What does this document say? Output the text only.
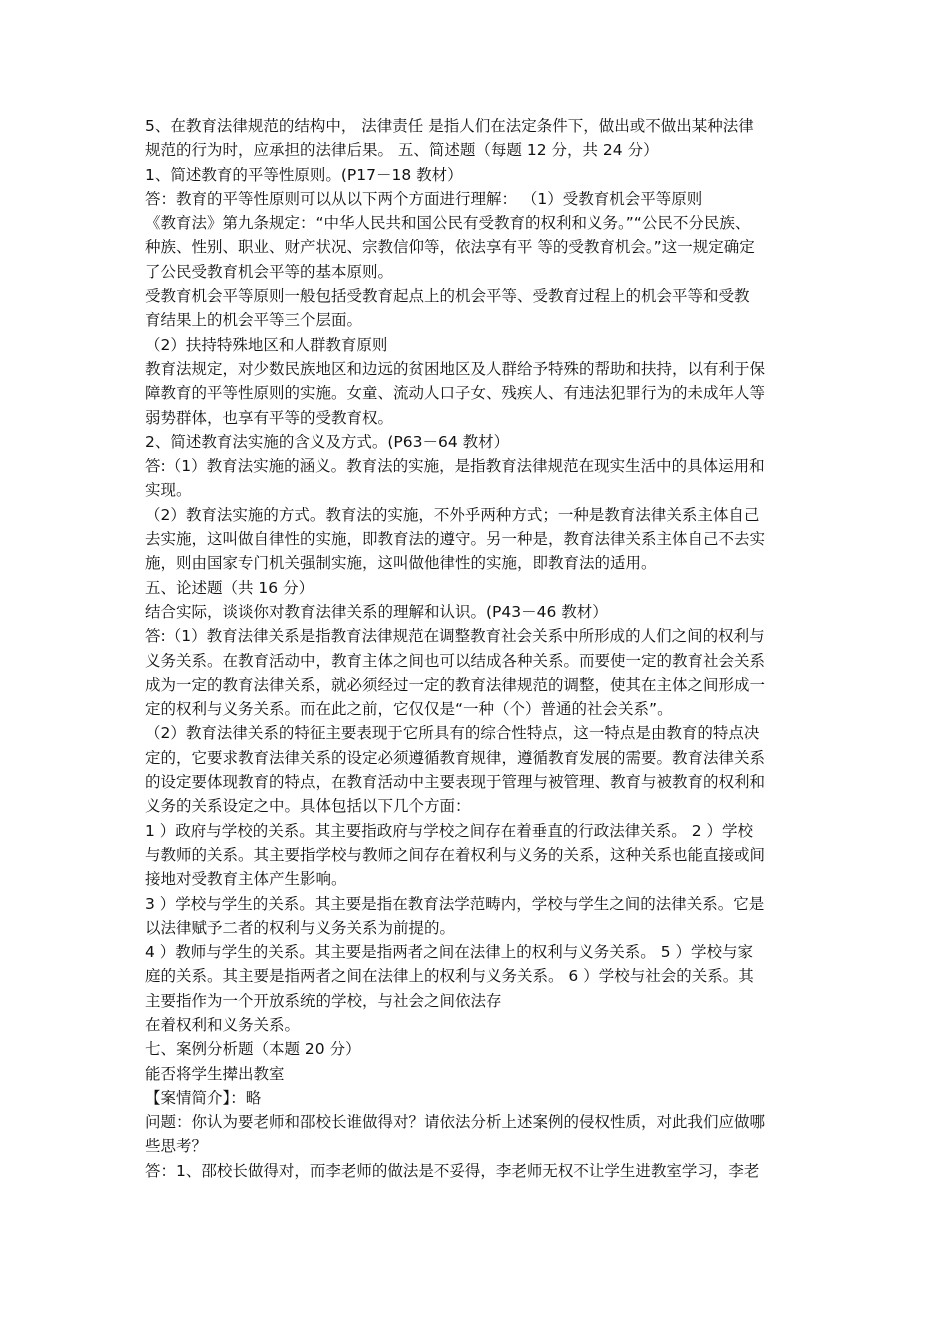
5、在教育法律规范的结构中， 法律责任 是指人们在法定条件下，做出或不做出某种法律
规范的行为时，应承担的法律后果。 五、简述题（每题 12 分，共 24 分）
1、简述教育的平等性原则。(P17－18 教材）
答：教育的平等性原则可以从以下两个方面进行理解： （1）受教育机会平等原则
《教育法》第九条规定：“中华人民共和国公民有受教育的权利和义务。”“公民不分民族、
种族、性别、职业、财产状况、宗教信仰等，依法享有平 等的受教育机会。”这一规定确定
了公民受教育机会平等的基本原则。
受教育机会平等原则一般包括受教育起点上的机会平等、受教育过程上的机会平等和受教
育结果上的机会平等三个层面。
（2）扶持特殊地区和人群教育原则
教育法规定，对少数民族地区和边远的贫困地区及人群给予特殊的帮助和扶持，以有利于保
障教育的平等性原则的实施。女童、流动人口子女、残疾人、有违法犯罪行为的未成年人等
弱势群体，也享有平等的受教育权。
2、简述教育法实施的含义及方式。(P63－64 教材）
答:（1）教育法实施的涵义。教育法的实施，是指教育法律规范在现实生活中的具体运用和
实现。
（2）教育法实施的方式。教育法的实施，不外乎两种方式；一种是教育法律关系主体自己
去实施，这叫做自律性的实施，即教育法的遵守。另一种是，教育法律关系主体自己不去实
施，则由国家专门机关强制实施，这叫做他律性的实施，即教育法的适用。
五、论述题（共 16 分）
结合实际，谈谈你对教育法律关系的理解和认识。(P43－46 教材）
答:（1）教育法律关系是指教育法律规范在调整教育社会关系中所形成的人们之间的权利与
义务关系。在教育活动中，教育主体之间也可以结成各种关系。而要使一定的教育社会关系
成为一定的教育法律关系，就必须经过一定的教育法律规范的调整，使其在主体之间形成一
定的权利与义务关系。而在此之前，它仅仅是“一种（个）普通的社会关系”。
（2）教育法律关系的特征主要表现于它所具有的综合性特点，这一特点是由教育的特点决
定的，它要求教育法律关系的设定必须遵循教育规律，遵循教育发展的需要。教育法律关系
的设定要体现教育的特点，在教育活动中主要表现于管理与被管理、教育与被教育的权利和
义务的关系设定之中。具体包括以下几个方面：
1 ）政府与学校的关系。其主要指政府与学校之间存在着垂直的行政法律关系。 2 ）学校
与教师的关系。其主要指学校与教师之间存在着权利与义务的关系，这种关系也能直接或间
接地对受教育主体产生影响。
3 ）学校与学生的关系。其主要是指在教育法学范畴内，学校与学生之间的法律关系。它是
以法律赋予二者的权利与义务关系为前提的。
4 ）教师与学生的关系。其主要是指两者之间在法律上的权利与义务关系。 5 ）学校与家
庭的关系。其主要是指两者之间在法律上的权利与义务关系。 6 ）学校与社会的关系。其
主要指作为一个开放系统的学校，与社会之间依法存
在着权利和义务关系。
七、案例分析题（本题 20 分）
能否将学生撵出教室
【案情简介】：略
问题：你认为要老师和邵校长谁做得对？请依法分析上述案例的侵权性质，对此我们应做哪
些思考？
答：1、邵校长做得对，而李老师的做法是不妥得，李老师无权不让学生进教室学习，李老
